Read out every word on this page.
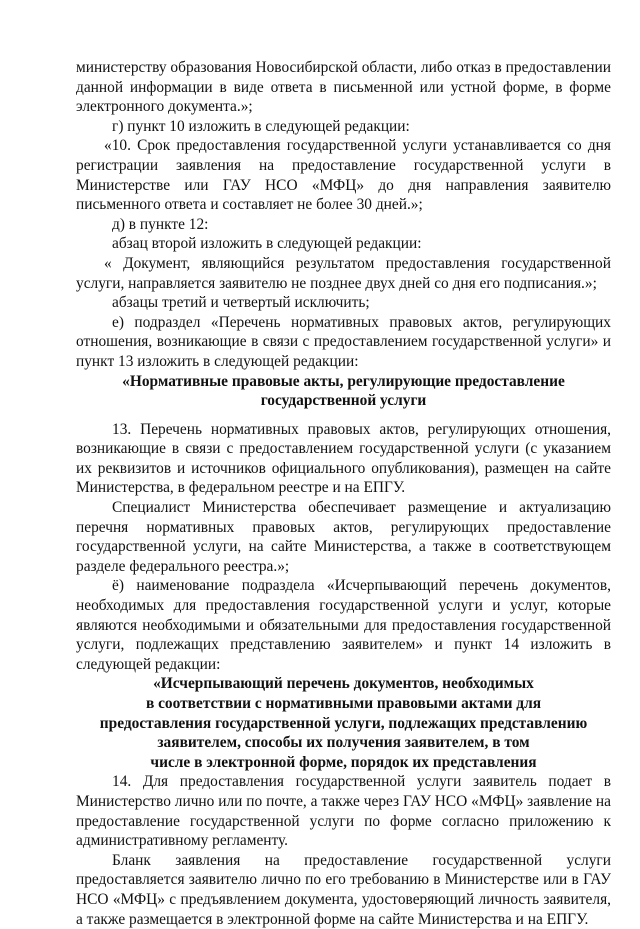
министерству образования Новосибирской области, либо отказ в предоставлении данной информации в виде ответа в письменной или устной форме, в форме электронного документа.»;

г) пункт 10 изложить в следующей редакции:

«10. Срок предоставления государственной услуги устанавливается со дня регистрации заявления на предоставление государственной услуги в Министерстве или ГАУ НСО «МФЦ» до дня направления заявителю письменного ответа и составляет не более 30 дней.»;

д) в пункте 12:

абзац второй изложить в следующей редакции:

« Документ, являющийся результатом предоставления государственной услуги, направляется заявителю не позднее двух дней со дня его подписания.»;

абзацы третий и четвертый исключить;

е) подраздел «Перечень нормативных правовых актов, регулирующих отношения, возникающие в связи с предоставлением государственной услуги» и пункт 13 изложить в следующей редакции:

«Нормативные правовые акты, регулирующие предоставление

государственной услуги

13. Перечень нормативных правовых актов, регулирующих отношения, возникающие в связи с предоставлением государственной услуги (с указанием их реквизитов и источников официального опубликования), размещен на сайте Министерства, в федеральном реестре и на ЕПГУ.

Специалист Министерства обеспечивает размещение и актуализацию перечня нормативных правовых актов, регулирующих предоставление государственной услуги, на сайте Министерства, а также в соответствующем разделе федерального реестра.»;

ё) наименование подраздела «Исчерпывающий перечень документов, необходимых для предоставления государственной услуги и услуг, которые являются необходимыми и обязательными для предоставления государственной услуги, подлежащих представлению заявителем» и пункт 14 изложить в следующей редакции:

«Исчерпывающий перечень документов, необходимых

в соответствии с нормативными правовыми актами для

предоставления государственной услуги, подлежащих представлению

заявителем, способы их получения заявителем, в том

числе в электронной форме, порядок их представления

14. Для предоставления государственной услуги заявитель подает в Министерство лично или по почте, а также через ГАУ НСО «МФЦ» заявление на предоставление государственной услуги по форме согласно приложению к административному регламенту.

Бланк заявления на предоставление государственной услуги предоставляется заявителю лично по его требованию в Министерстве или в ГАУ НСО «МФЦ» с предъявлением документа, удостоверяющий личность заявителя, а также размещается в электронной форме на сайте Министерства и на ЕПГУ.
